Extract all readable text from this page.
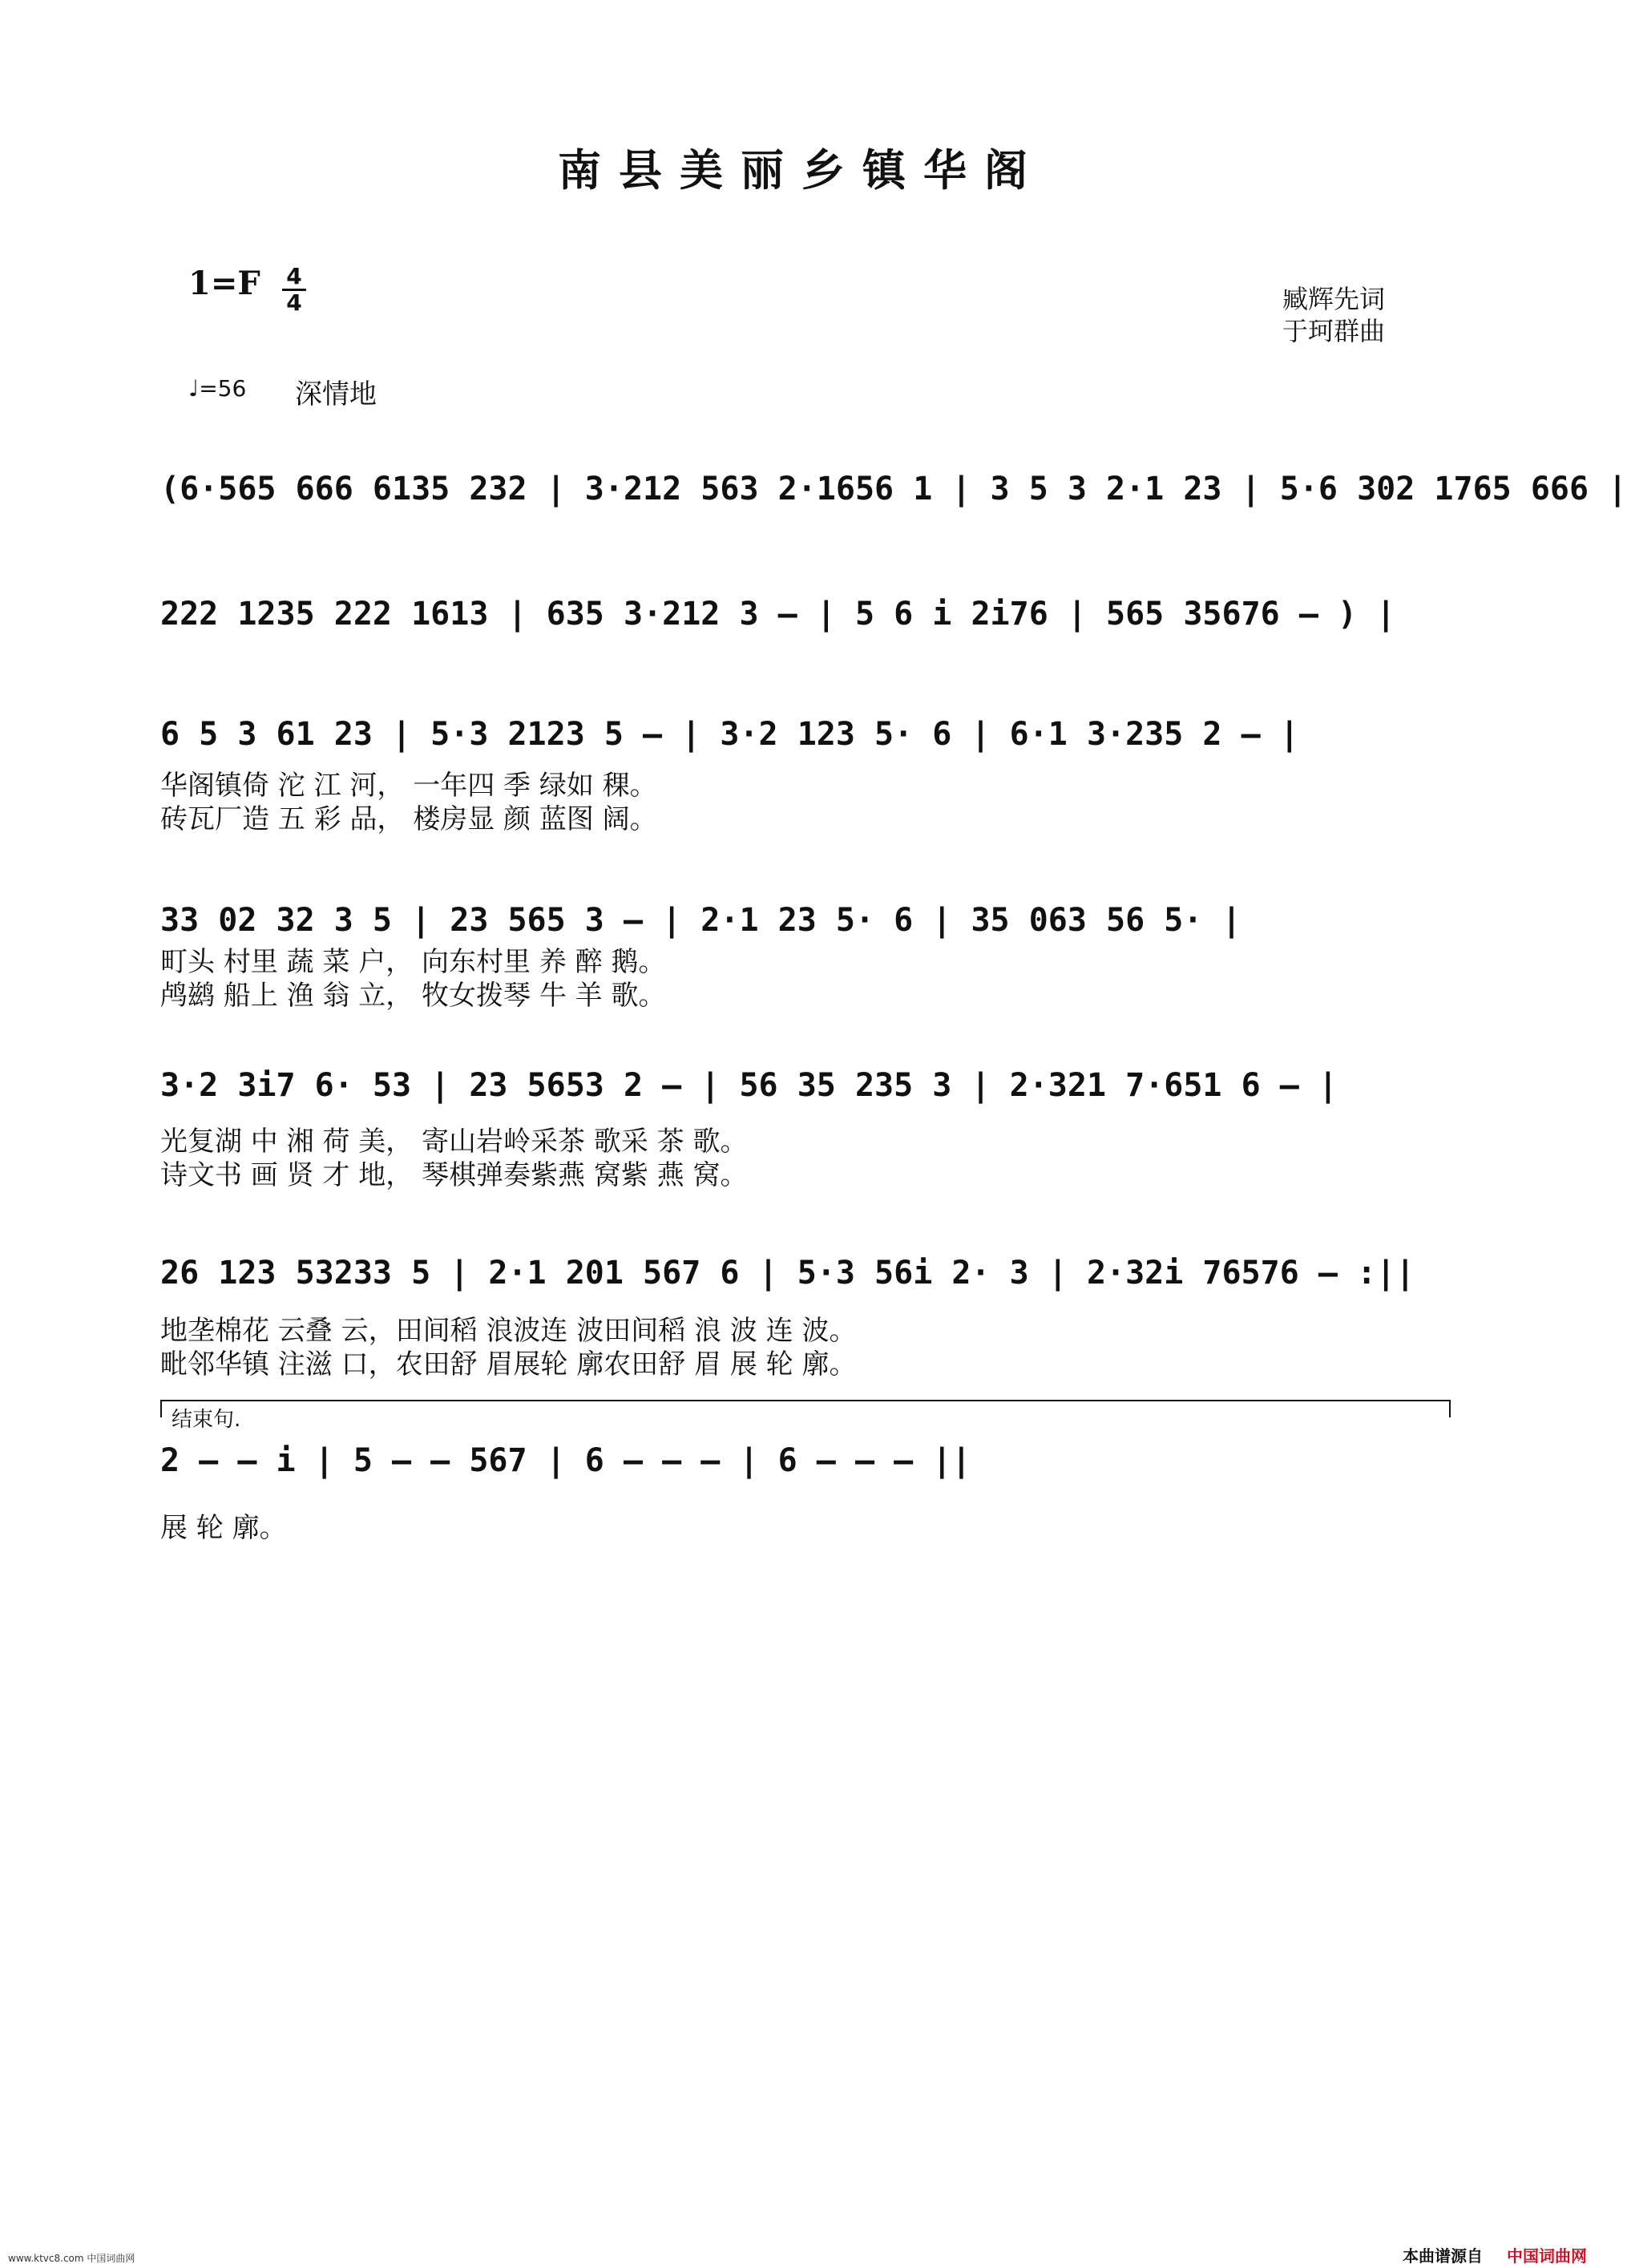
南县美丽乡镇华阁
1=F 4
4	臧辉先词
于珂群曲
♩=56 深情地
(6·565 666 6135 232 | 3·212 563 2·1656 1 | 3 5 3 2·1 23 | 5·6 302 1765 666 |
222 1235 222 1613 | 635 3·212 3 – | 5 6 i 2i76 | 565 35676 – ) |
6 5 3 61 23 | 5·3 2123 5 – | 3·2 123 5· 6 | 6·1 3·235 2 – |
华阁镇倚 沱 江 河， 一年四 季 绿如 稞。
砖瓦厂造 五 彩 品， 楼房显 颜 蓝图 阔。
33 02 32 3 5 | 23 565 3 – | 2·1 23 5· 6 | 35 063 56 5· |
町头 村里 蔬 菜 户， 向东村里 养 醉 鹅。
鸬鹚 船上 渔 翁 立， 牧女拨琴 牛 羊 歌。
3·2 3i7 6· 53 | 23 5653 2 – | 56 35 235 3 | 2·321 7·651 6 – |
光复湖 中 湘 荷 美， 寄山岩岭采茶 歌采 茶 歌。
诗文书 画 贤 才 地， 琴棋弹奏紫燕 窝紫 燕 窝。
26 123 53233 5 | 2·1 201 567 6 | 5·3 56i 2· 3 | 2·32i 76576 – :||
地垄棉花 云叠 云，田间稻 浪波连 波田间稻 浪 波 连 波。
毗邻华镇 注滋 口，农田舒 眉展轮 廓农田舒 眉 展 轮 廓。
结束句.
2 – – i | 5 – – 567 | 6 – – – | 6 – – – ||
展 轮 廓。
www.ktvc8.com 中国词曲网	本曲谱源自 中国词曲网
